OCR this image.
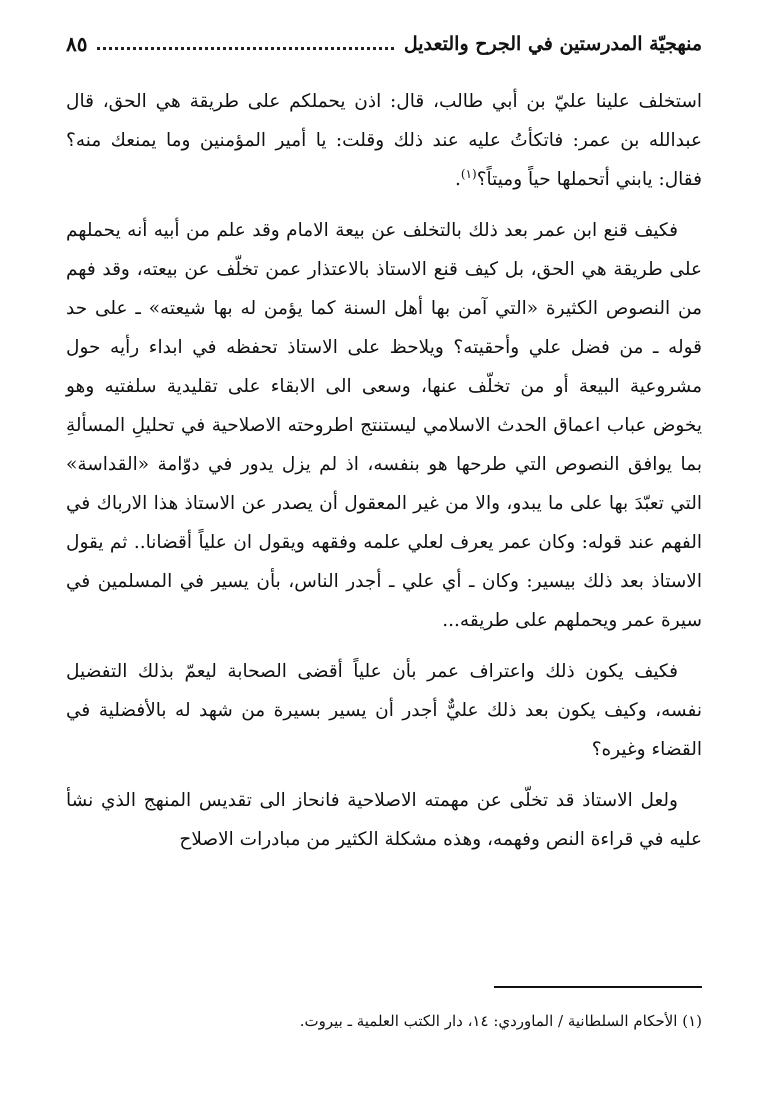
منهجيّة المدرستين في الجرح والتعديل
٨٥

استخلف علينا عليّ بن أبي طالب، قال: اذن يحملكم على طريقة هي الحق، قال عبدالله بن عمر: فاتكأتُ عليه عند ذلك وقلت: يا أمير المؤمنين وما يمنعك منه؟ فقال: يابني أتحملها حياً وميتاً؟$^{(١)}$.

فكيف قنع ابن عمر بعد ذلك بالتخلف عن بيعة الامام وقد علم من أبيه أنه يحملهم على طريقة هي الحق، بل كيف قنع الاستاذ بالاعتذار عمن تخلّف عن بيعته، وقد فهم من النصوص الكثيرة «التي آمن بها أهل السنة كما يؤمن له بها شيعته» ـ على حد قوله ـ من فضل علي وأحقيته؟ ويلاحظ على الاستاذ تحفظه في ابداء رأيه حول مشروعية البيعة أو من تخلّف عنها، وسعى الى الابقاء على تقليدية سلفتيه وهو يخوض عباب اعماق الحدث الاسلامي ليستنتج اطروحته الاصلاحية في تحليلِ المسألةِ بما يوافق النصوص التي طرحها هو بنفسه، اذ لم يزل يدور في دوّامة «القداسة» التي تعبّدَ بها على ما يبدو، والا من غير المعقول أن يصدر عن الاستاذ هذا الارباك في الفهم عند قوله: وكان عمر يعرف لعلي علمه وفقهه ويقول ان علياً أقضانا.. ثم يقول الاستاذ بعد ذلك بيسير: وكان ـ أي علي ـ أجدر الناس، بأن يسير في المسلمين في سيرة عمر ويحملهم على طريقه...

فكيف يكون ذلك واعتراف عمر بأن علياً أقضى الصحابة ليعمّ بذلك التفضيل نفسه، وكيف يكون بعد ذلك عليٌّ أجدر أن يسير بسيرة من شهد له بالأفضلية في القضاء وغيره؟

ولعل الاستاذ قد تخلّى عن مهمته الاصلاحية فانحاز الى تقديس المنهج الذي نشأ عليه في قراءة النص وفهمه، وهذه مشكلة الكثير من مبادرات الاصلاح

(١) الأحكام السلطانية / الماوردي: ١٤، دار الكتب العلمية ـ بيروت.
